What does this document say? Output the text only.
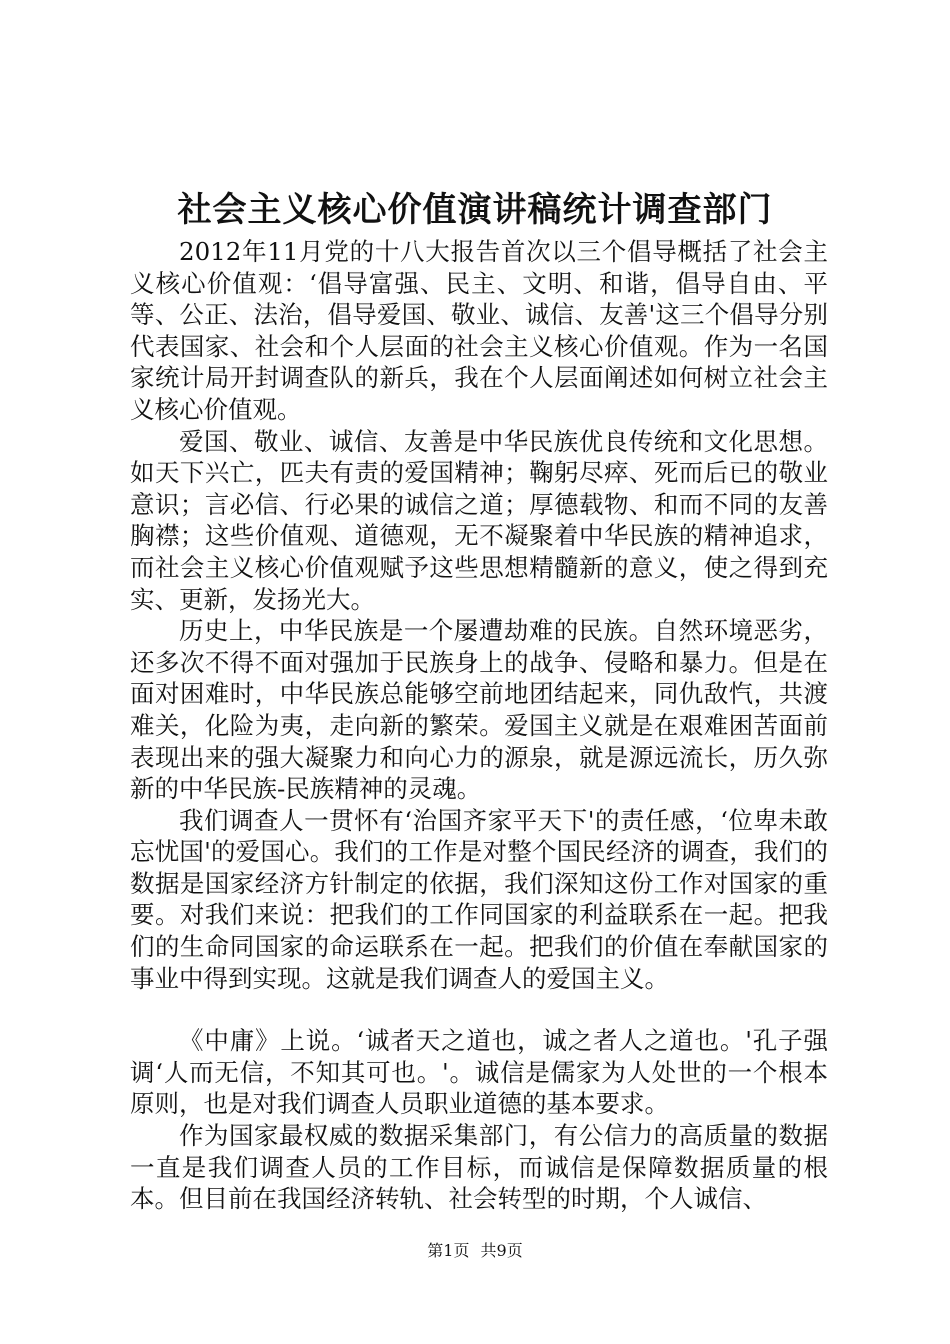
社会主义核心价值演讲稿统计调查部门

2012年11月党的十八大报告首次以三个倡导概括了社会主义核心价值观：‘倡导富强、民主、文明、和谐，倡导自由、平等、公正、法治，倡导爱国、敬业、诚信、友善'这三个倡导分别代表国家、社会和个人层面的社会主义核心价值观。作为一名国家统计局开封调查队的新兵，我在个人层面阐述如何树立社会主义核心价值观。

爱国、敬业、诚信、友善是中华民族优良传统和文化思想。如天下兴亡，匹夫有责的爱国精神；鞠躬尽瘁、死而后已的敬业意识；言必信、行必果的诚信之道；厚德载物、和而不同的友善胸襟；这些价值观、道德观，无不凝聚着中华民族的精神追求，而社会主义核心价值观赋予这些思想精髓新的意义，使之得到充实、更新，发扬光大。

历史上，中华民族是一个屡遭劫难的民族。自然环境恶劣，还多次不得不面对强加于民族身上的战争、侵略和暴力。但是在面对困难时，中华民族总能够空前地团结起来，同仇敌忾，共渡难关，化险为夷，走向新的繁荣。爱国主义就是在艰难困苦面前表现出来的强大凝聚力和向心力的源泉，就是源远流长，历久弥新的中华民族-民族精神的灵魂。

我们调查人一贯怀有‘治国齐家平天下'的责任感，‘位卑未敢忘忧国'的爱国心。我们的工作是对整个国民经济的调查，我们的数据是国家经济方针制定的依据，我们深知这份工作对国家的重要。对我们来说：把我们的工作同国家的利益联系在一起。把我们的生命同国家的命运联系在一起。把我们的价值在奉献国家的事业中得到实现。这就是我们调查人的爱国主义。

《中庸》上说。‘诚者天之道也，诚之者人之道也。'孔子强调‘人而无信，不知其可也。'。诚信是儒家为人处世的一个根本原则，也是对我们调查人员职业道德的基本要求。

作为国家最权威的数据采集部门，有公信力的高质量的数据一直是我们调查人员的工作目标，而诚信是保障数据质量的根本。但目前在我国经济转轨、社会转型的时期，个人诚信、

第1页 共9页
